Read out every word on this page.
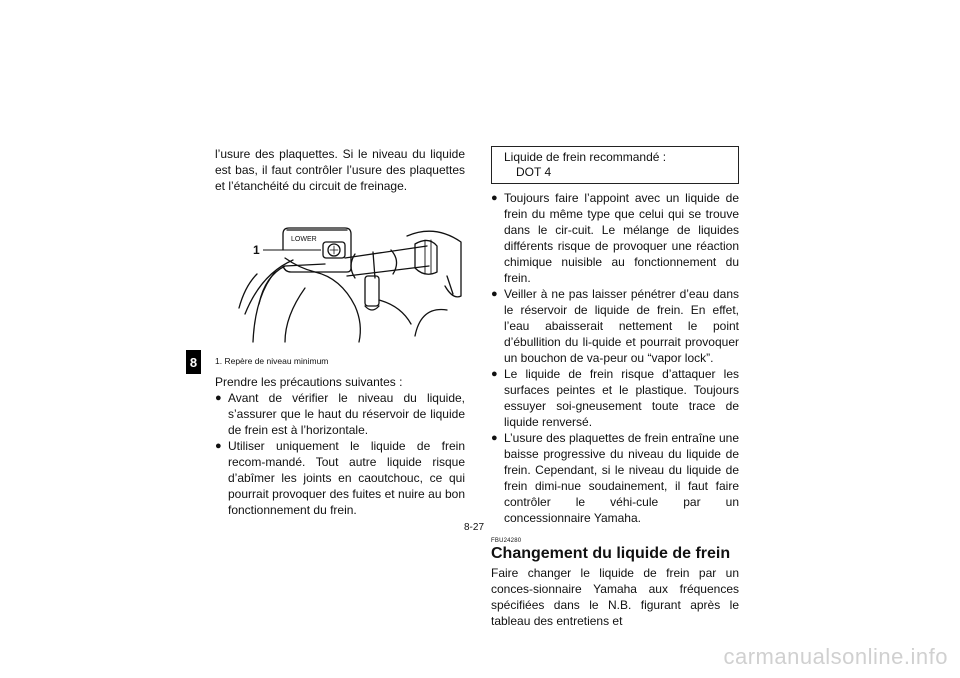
8

l’usure des plaquettes. Si le niveau du liquide est bas, il faut contrôler l’usure des plaquettes et l’étanchéité du circuit de freinage.

1
LOWER
1. Repère de niveau minimum

Prendre les précautions suivantes :

● Avant de vérifier le niveau du liquide, s’assurer que le haut du réservoir de liquide de frein est à l’horizontale.
● Utiliser uniquement le liquide de frein recom-mandé. Tout autre liquide risque d’abîmer les joints en caoutchouc, ce qui pourrait provoquer des fuites et nuire au bon fonctionnement du frein.
Liquide de frein recommandé :
DOT 4
● Toujours faire l’appoint avec un liquide de frein du même type que celui qui se trouve dans le cir-cuit. Le mélange de liquides différents risque de provoquer une réaction chimique nuisible au fonctionnement du frein.
● Veiller à ne pas laisser pénétrer d’eau dans le réservoir de liquide de frein. En effet, l’eau abaisserait nettement le point d’ébullition du li-quide et pourrait provoquer un bouchon de va-peur ou “vapor lock”.
● Le liquide de frein risque d’attaquer les surfaces peintes et le plastique. Toujours essuyer soi-gneusement toute trace de liquide renversé.
● L’usure des plaquettes de frein entraîne une baisse progressive du niveau du liquide de frein. Cependant, si le niveau du liquide de frein dimi-nue soudainement, il faut faire contrôler le véhi-cule par un concessionnaire Yamaha.
FBU24280
Changement du liquide de frein

Faire changer le liquide de frein par un conces-sionnaire Yamaha aux fréquences spécifiées dans le N.B. figurant après le tableau des entretiens et

8-27
carmanualsonline.info
